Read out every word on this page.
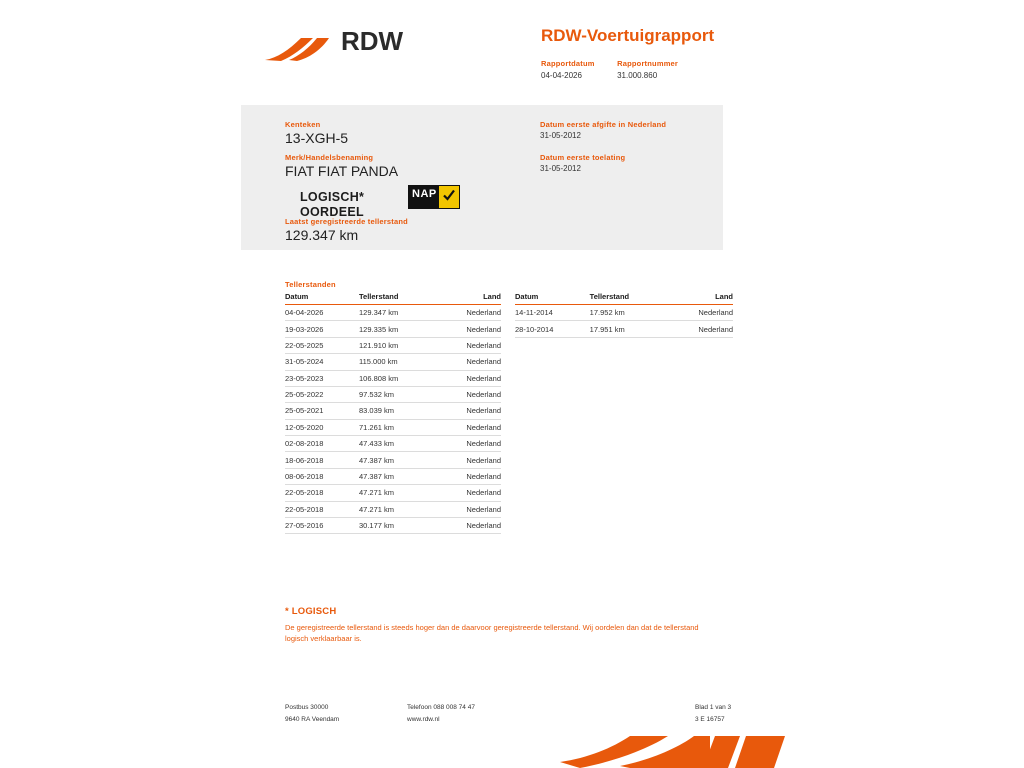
RDW	RDW-Voertuigrapport
Rapportdatum
04-04-2026

Rapportnummer
31.000.860
Kenteken
13-XGH-5
Merk/Handelsbenaming
FIAT FIAT PANDA
Laatst geregistreerde tellerstand
129.347 km
Datum eerste afgifte in Nederland
31-05-2012
Datum eerste toelating
31-05-2012
LOGISCH*
OORDEEL
NAP
Tellerstanden
Datum	Tellerstand	Land
04-04-2026	129.347 km	Nederland
19-03-2026	129.335 km	Nederland
22-05-2025	121.910 km	Nederland
31-05-2024	115.000 km	Nederland
23-05-2023	106.808 km	Nederland
25-05-2022	97.532 km	Nederland
25-05-2021	83.039 km	Nederland
12-05-2020	71.261 km	Nederland
02-08-2018	47.433 km	Nederland
18-06-2018	47.387 km	Nederland
08-06-2018	47.387 km	Nederland
22-05-2018	47.271 km	Nederland
22-05-2018	47.271 km	Nederland
27-05-2016	30.177 km	Nederland
Datum	Tellerstand	Land
14-11-2014	17.952 km	Nederland
28-10-2014	17.951 km	Nederland
* LOGISCH
De geregistreerde tellerstand is steeds hoger dan de daarvoor geregistreerde tellerstand. Wij oordelen dan dat de tellerstand logisch verklaarbaar is.
Postbus 30000
9640 RA Veendam
Telefoon 088 008 74 47
www.rdw.nl
Blad 1 van 3
3 E 16757
